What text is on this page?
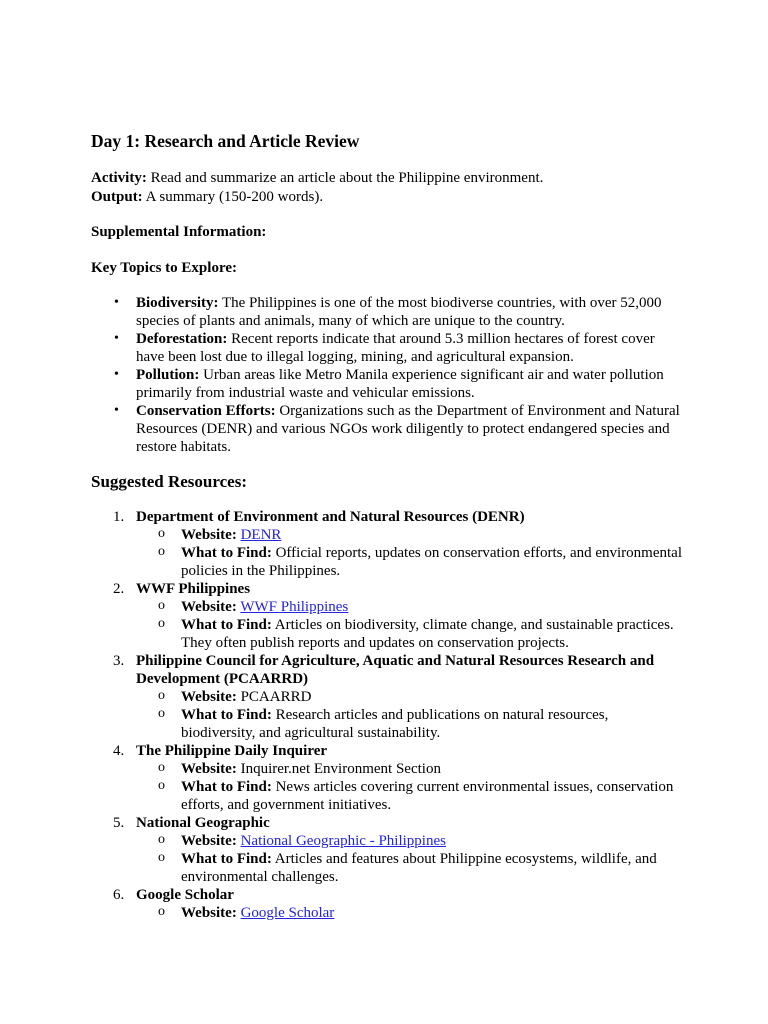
Day 1: Research and Article Review

Activity: Read and summarize an article about the Philippine environment.

Output: A summary (150-200 words).

Supplemental Information:

Key Topics to Explore:

• Biodiversity: The Philippines is one of the most biodiverse countries, with over 52,000 species of plants and animals, many of which are unique to the country.
• Deforestation: Recent reports indicate that around 5.3 million hectares of forest cover have been lost due to illegal logging, mining, and agricultural expansion.
• Pollution: Urban areas like Metro Manila experience significant air and water pollution primarily from industrial waste and vehicular emissions.
• Conservation Efforts: Organizations such as the Department of Environment and Natural Resources (DENR) and various NGOs work diligently to protect endangered species and restore habitats.
Suggested Resources:
1. Department of Environment and Natural Resources (DENR)
o Website: DENR
o What to Find: Official reports, updates on conservation efforts, and environmental policies in the Philippines.
2. WWF Philippines
o Website: WWF Philippines
o What to Find: Articles on biodiversity, climate change, and sustainable practices. They often publish reports and updates on conservation projects.
3. Philippine Council for Agriculture, Aquatic and Natural Resources Research and Development (PCAARRD)
o Website: PCAARRD
o What to Find: Research articles and publications on natural resources, biodiversity, and agricultural sustainability.
4. The Philippine Daily Inquirer
o Website: Inquirer.net Environment Section
o What to Find: News articles covering current environmental issues, conservation efforts, and government initiatives.
5. National Geographic
o Website: National Geographic - Philippines
o What to Find: Articles and features about Philippine ecosystems, wildlife, and environmental challenges.
6. Google Scholar
o Website: Google Scholar
